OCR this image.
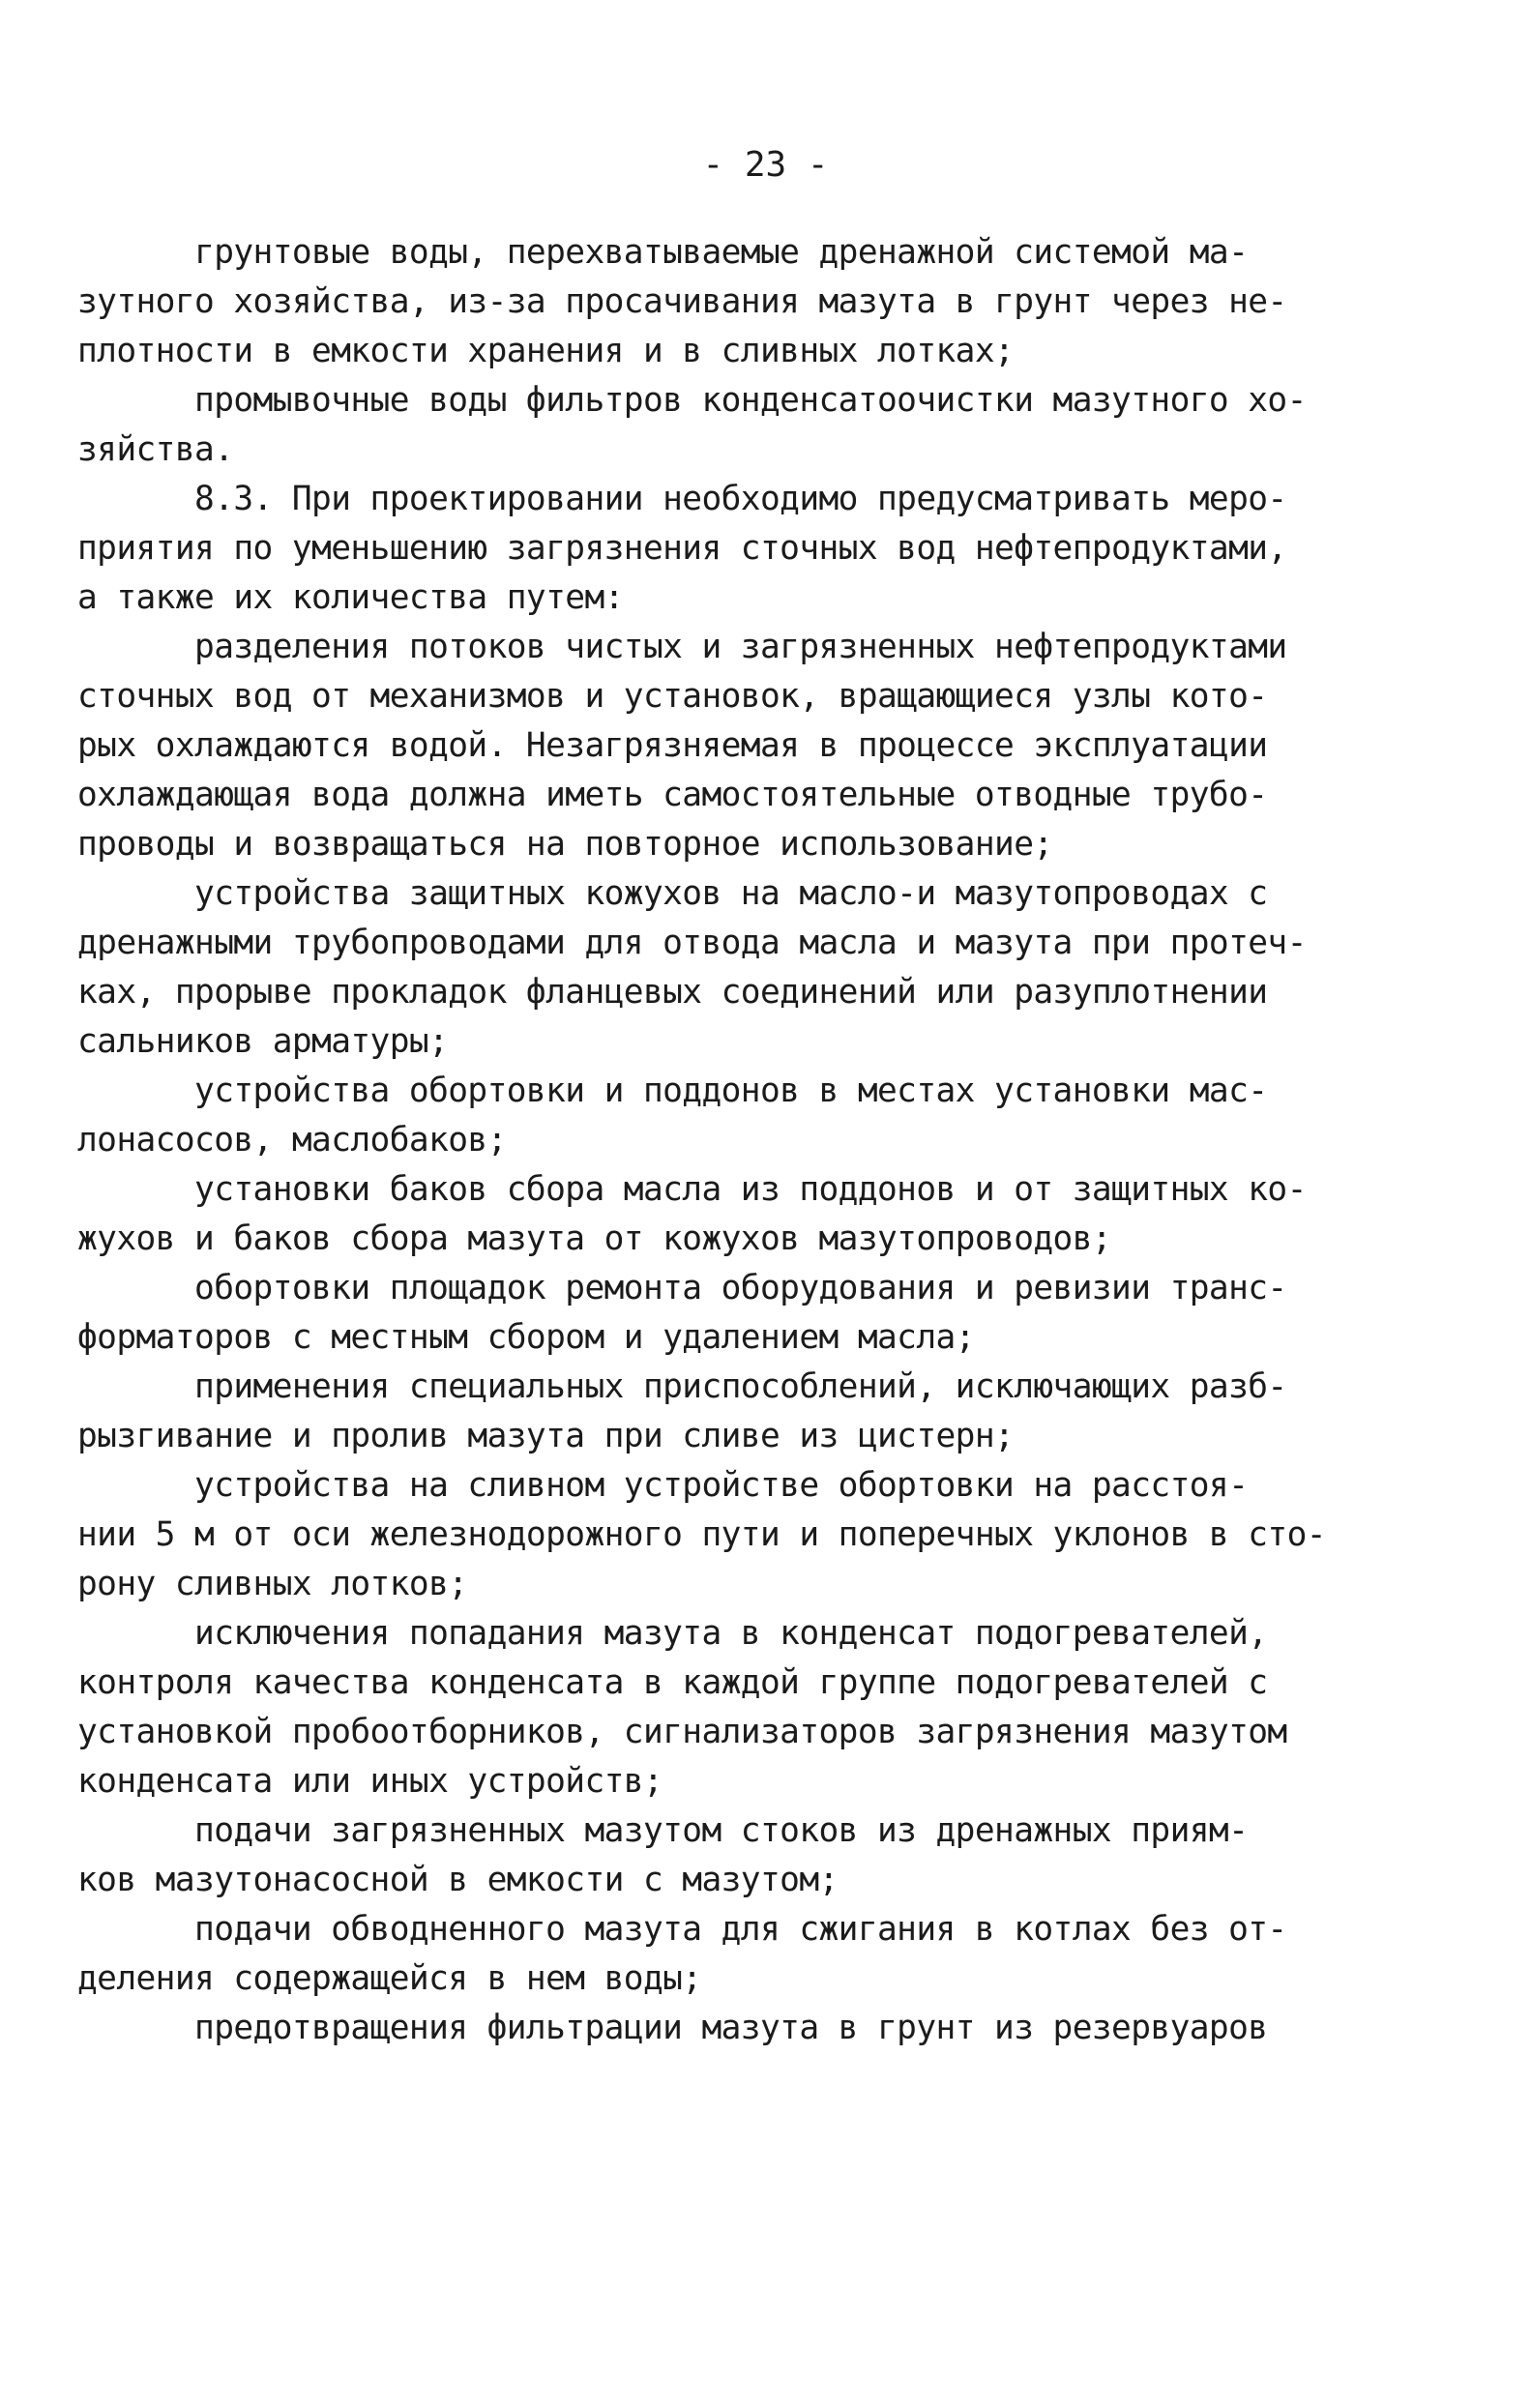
- 23 -
грунтовые воды, перехватываемые дренажной системой ма-
зутного хозяйства, из-за просачивания мазута в грунт через не-
плотности в емкости хранения и в сливных лотках;
промывочные воды фильтров конденсатоочистки мазутного хо-
зяйства.
8.3. При проектировании необходимо предусматривать меро-
приятия по уменьшению загрязнения сточных вод нефтепродуктами,
а также их количества путем:
разделения потоков чистых и загрязненных нефтепродуктами
сточных вод от механизмов и установок, вращающиеся узлы кото-
рых охлаждаются водой. Незагрязняемая в процессе эксплуатации
охлаждающая вода должна иметь самостоятельные отводные трубо-
проводы и возвращаться на повторное использование;
устройства защитных кожухов на масло-и мазутопроводах с
дренажными трубопроводами для отвода масла и мазута при протеч-
ках, прорыве прокладок фланцевых соединений или разуплотнении
сальников арматуры;
устройства обортовки и поддонов в местах установки мас-
лонасосов, маслобаков;
установки баков сбора масла из поддонов и от защитных ко-
жухов и баков сбора мазута от кожухов мазутопроводов;
обортовки площадок ремонта оборудования и ревизии транс-
форматоров с местным сбором и удалением масла;
применения специальных приспособлений, исключающих разб-
рызгивание и пролив мазута при сливе из цистерн;
устройства на сливном устройстве обортовки на расстоя-
нии 5 м от оси железнодорожного пути и поперечных уклонов в сто-
рону сливных лотков;
исключения попадания мазута в конденсат подогревателей,
контроля качества конденсата в каждой группе подогревателей с
установкой пробоотборников, сигнализаторов загрязнения мазутом
конденсата или иных устройств;
подачи загрязненных мазутом стоков из дренажных приям-
ков мазутонасосной в емкости с мазутом;
подачи обводненного мазута для сжигания в котлах без от-
деления содержащейся в нем воды;
предотвращения фильтрации мазута в грунт из резервуаров
